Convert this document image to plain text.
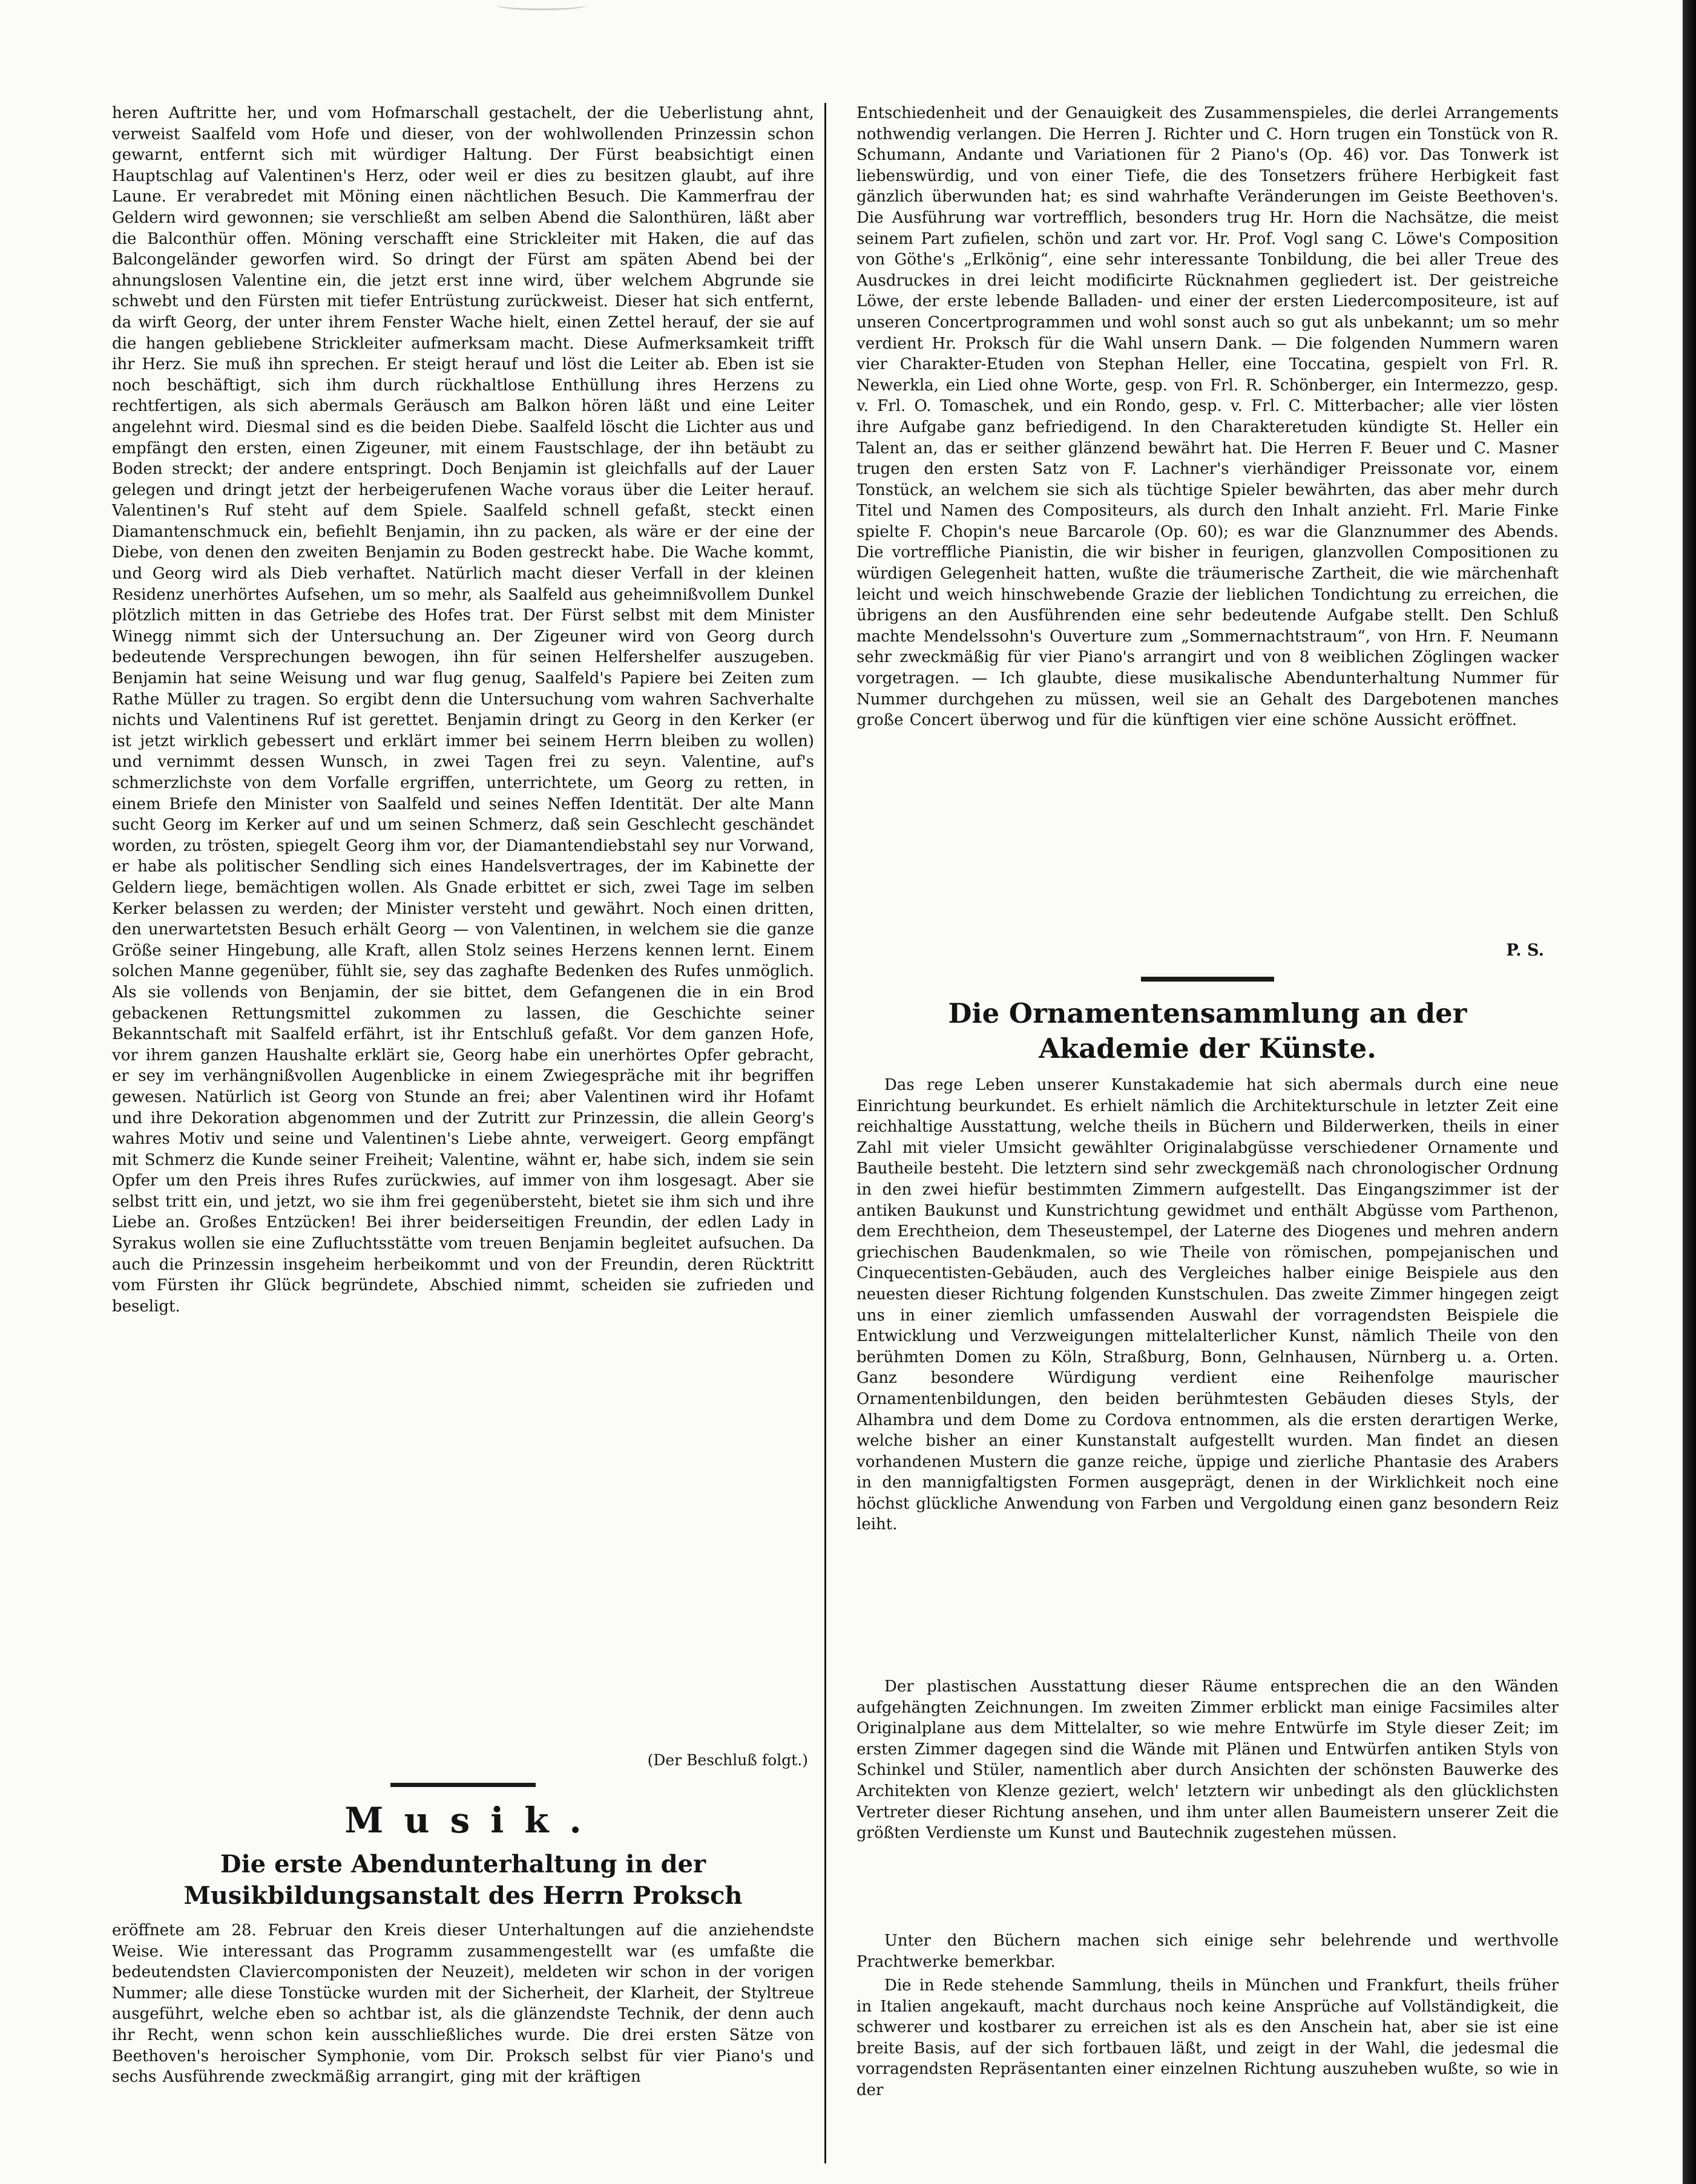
heren Auftritte her, und vom Hofmarschall gestachelt, der die Ueberlistung ahnt, verweist Saalfeld vom Hofe und dieser, von der wohlwollenden Prinzessin schon gewarnt, entfernt sich mit würdiger Haltung. Der Fürst beabsichtigt einen Hauptschlag auf Valentinen's Herz, oder weil er dies zu besitzen glaubt, auf ihre Laune. Er verabredet mit Möning einen nächtlichen Besuch. Die Kammerfrau der Geldern wird gewonnen; sie verschließt am selben Abend die Salonthüren, läßt aber die Balconthür offen. Möning verschafft eine Strickleiter mit Haken, die auf das Balcongeländer geworfen wird. So dringt der Fürst am späten Abend bei der ahnungslosen Valentine ein, die jetzt erst inne wird, über welchem Abgrunde sie schwebt und den Fürsten mit tiefer Entrüstung zurückweist. Dieser hat sich entfernt, da wirft Georg, der unter ihrem Fenster Wache hielt, einen Zettel herauf, der sie auf die hangen gebliebene Strickleiter aufmerksam macht. Diese Aufmerksamkeit trifft ihr Herz. Sie muß ihn sprechen. Er steigt herauf und löst die Leiter ab. Eben ist sie noch beschäftigt, sich ihm durch rückhaltlose Enthüllung ihres Herzens zu rechtfertigen, als sich abermals Geräusch am Balkon hören läßt und eine Leiter angelehnt wird. Diesmal sind es die beiden Diebe. Saalfeld löscht die Lichter aus und empfängt den ersten, einen Zigeuner, mit einem Faustschlage, der ihn betäubt zu Boden streckt; der andere entspringt. Doch Benjamin ist gleichfalls auf der Lauer gelegen und dringt jetzt der herbeigerufenen Wache voraus über die Leiter herauf. Valentinen's Ruf steht auf dem Spiele. Saalfeld schnell gefaßt, steckt einen Diamantenschmuck ein, befiehlt Benjamin, ihn zu packen, als wäre er der eine der Diebe, von denen den zweiten Benjamin zu Boden gestreckt habe. Die Wache kommt, und Georg wird als Dieb verhaftet. Natürlich macht dieser Verfall in der kleinen Residenz unerhörtes Aufsehen, um so mehr, als Saalfeld aus geheimnißvollem Dunkel plötzlich mitten in das Getriebe des Hofes trat. Der Fürst selbst mit dem Minister Winegg nimmt sich der Untersuchung an. Der Zigeuner wird von Georg durch bedeutende Versprechungen bewogen, ihn für seinen Helfershelfer auszugeben. Benjamin hat seine Weisung und war flug genug, Saalfeld's Papiere bei Zeiten zum Rathe Müller zu tragen. So ergibt denn die Untersuchung vom wahren Sachverhalte nichts und Valentinens Ruf ist gerettet. Benjamin dringt zu Georg in den Kerker (er ist jetzt wirklich gebessert und erklärt immer bei seinem Herrn bleiben zu wollen) und vernimmt dessen Wunsch, in zwei Tagen frei zu seyn. Valentine, auf's schmerzlichste von dem Vorfalle ergriffen, unterrichtete, um Georg zu retten, in einem Briefe den Minister von Saalfeld und seines Neffen Identität. Der alte Mann sucht Georg im Kerker auf und um seinen Schmerz, daß sein Geschlecht geschändet worden, zu trösten, spiegelt Georg ihm vor, der Diamantendiebstahl sey nur Vorwand, er habe als politischer Sendling sich eines Handelsvertrages, der im Kabinette der Geldern liege, bemächtigen wollen. Als Gnade erbittet er sich, zwei Tage im selben Kerker belassen zu werden; der Minister versteht und gewährt. Noch einen dritten, den unerwartetsten Besuch erhält Georg — von Valentinen, in welchem sie die ganze Größe seiner Hingebung, alle Kraft, allen Stolz seines Herzens kennen lernt. Einem solchen Manne gegenüber, fühlt sie, sey das zaghafte Bedenken des Rufes unmöglich. Als sie vollends von Benjamin, der sie bittet, dem Gefangenen die in ein Brod gebackenen Rettungsmittel zukommen zu lassen, die Geschichte seiner Bekanntschaft mit Saalfeld erfährt, ist ihr Entschluß gefaßt. Vor dem ganzen Hofe, vor ihrem ganzen Haushalte erklärt sie, Georg habe ein unerhörtes Opfer gebracht, er sey im verhängnißvollen Augenblicke in einem Zwiegespräche mit ihr begriffen gewesen. Natürlich ist Georg von Stunde an frei; aber Valentinen wird ihr Hofamt und ihre Dekoration abgenommen und der Zutritt zur Prinzessin, die allein Georg's wahres Motiv und seine und Valentinen's Liebe ahnte, verweigert. Georg empfängt mit Schmerz die Kunde seiner Freiheit; Valentine, wähnt er, habe sich, indem sie sein Opfer um den Preis ihres Rufes zurückwies, auf immer von ihm losgesagt. Aber sie selbst tritt ein, und jetzt, wo sie ihm frei gegenübersteht, bietet sie ihm sich und ihre Liebe an. Großes Entzücken! Bei ihrer beiderseitigen Freundin, der edlen Lady in Syrakus wollen sie eine Zufluchtsstätte vom treuen Benjamin begleitet aufsuchen. Da auch die Prinzessin insgeheim herbeikommt und von der Freundin, deren Rücktritt vom Fürsten ihr Glück begründete, Abschied nimmt, scheiden sie zufrieden und beseligt.

(Der Beschluß folgt.)

Musik.
Die erste Abendunterhaltung in der Musikbildungsanstalt des Herrn Proksch

eröffnete am 28. Februar den Kreis dieser Unterhaltungen auf die anziehendste Weise. Wie interessant das Programm zusammengestellt war (es umfaßte die bedeutendsten Claviercomponisten der Neuzeit), meldeten wir schon in der vorigen Nummer; alle diese Tonstücke wurden mit der Sicherheit, der Klarheit, der Styltreue ausgeführt, welche eben so achtbar ist, als die glänzendste Technik, der denn auch ihr Recht, wenn schon kein ausschließliches wurde. Die drei ersten Sätze von Beethoven's heroischer Symphonie, vom Dir. Proksch selbst für vier Piano's und sechs Ausführende zweckmäßig arrangirt, ging mit der kräftigen

Entschiedenheit und der Genauigkeit des Zusammenspieles, die derlei Arrangements nothwendig verlangen. Die Herren J. Richter und C. Horn trugen ein Tonstück von R. Schumann, Andante und Variationen für 2 Piano's (Op. 46) vor. Das Tonwerk ist liebenswürdig, und von einer Tiefe, die des Tonsetzers frühere Herbigkeit fast gänzlich überwunden hat; es sind wahrhafte Veränderungen im Geiste Beethoven's. Die Ausführung war vortrefflich, besonders trug Hr. Horn die Nachsätze, die meist seinem Part zufielen, schön und zart vor. Hr. Prof. Vogl sang C. Löwe's Composition von Göthe's „Erlkönig“, eine sehr interessante Tonbildung, die bei aller Treue des Ausdruckes in drei leicht modificirte Rücknahmen gegliedert ist. Der geistreiche Löwe, der erste lebende Balladen- und einer der ersten Liedercompositeure, ist auf unseren Concertprogrammen und wohl sonst auch so gut als unbekannt; um so mehr verdient Hr. Proksch für die Wahl unsern Dank. — Die folgenden Nummern waren vier Charakter-Etuden von Stephan Heller, eine Toccatina, gespielt von Frl. R. Newerkla, ein Lied ohne Worte, gesp. von Frl. R. Schönberger, ein Intermezzo, gesp. v. Frl. O. Tomaschek, und ein Rondo, gesp. v. Frl. C. Mitterbacher; alle vier lösten ihre Aufgabe ganz befriedigend. In den Charakteretuden kündigte St. Heller ein Talent an, das er seither glänzend bewährt hat. Die Herren F. Beuer und C. Masner trugen den ersten Satz von F. Lachner's vierhändiger Preissonate vor, einem Tonstück, an welchem sie sich als tüchtige Spieler bewährten, das aber mehr durch Titel und Namen des Compositeurs, als durch den Inhalt anzieht. Frl. Marie Finke spielte F. Chopin's neue Barcarole (Op. 60); es war die Glanznummer des Abends. Die vortreffliche Pianistin, die wir bisher in feurigen, glanzvollen Compositionen zu würdigen Gelegenheit hatten, wußte die träumerische Zartheit, die wie märchenhaft leicht und weich hinschwebende Grazie der lieblichen Tondichtung zu erreichen, die übrigens an den Ausführenden eine sehr bedeutende Aufgabe stellt. Den Schluß machte Mendelssohn's Ouverture zum „Sommernachtstraum“, von Hrn. F. Neumann sehr zweckmäßig für vier Piano's arrangirt und von 8 weiblichen Zöglingen wacker vorgetragen. — Ich glaubte, diese musikalische Abendunterhaltung Nummer für Nummer durchgehen zu müssen, weil sie an Gehalt des Dargebotenen manches große Concert überwog und für die künftigen vier eine schöne Aussicht eröffnet.

P. S.

Die Ornamentensammlung an der Akademie der Künste.

Das rege Leben unserer Kunstakademie hat sich abermals durch eine neue Einrichtung beurkundet. Es erhielt nämlich die Architekturschule in letzter Zeit eine reichhaltige Ausstattung, welche theils in Büchern und Bilderwerken, theils in einer Zahl mit vieler Umsicht gewählter Originalabgüsse verschiedener Ornamente und Bautheile besteht. Die letztern sind sehr zweckgemäß nach chronologischer Ordnung in den zwei hiefür bestimmten Zimmern aufgestellt. Das Eingangszimmer ist der antiken Baukunst und Kunstrichtung gewidmet und enthält Abgüsse vom Parthenon, dem Erechtheion, dem Theseustempel, der Laterne des Diogenes und mehren andern griechischen Baudenkmalen, so wie Theile von römischen, pompejanischen und Cinquecentisten-Gebäuden, auch des Vergleiches halber einige Beispiele aus den neuesten dieser Richtung folgenden Kunstschulen. Das zweite Zimmer hingegen zeigt uns in einer ziemlich umfassenden Auswahl der vorragendsten Beispiele die Entwicklung und Verzweigungen mittelalterlicher Kunst, nämlich Theile von den berühmten Domen zu Köln, Straßburg, Bonn, Gelnhausen, Nürnberg u. a. Orten. Ganz besondere Würdigung verdient eine Reihenfolge maurischer Ornamentenbildungen, den beiden berühmtesten Gebäuden dieses Styls, der Alhambra und dem Dome zu Cordova entnommen, als die ersten derartigen Werke, welche bisher an einer Kunstanstalt aufgestellt wurden. Man findet an diesen vorhandenen Mustern die ganze reiche, üppige und zierliche Phantasie des Arabers in den mannigfaltigsten Formen ausgeprägt, denen in der Wirklichkeit noch eine höchst glückliche Anwendung von Farben und Vergoldung einen ganz besondern Reiz leiht.

Der plastischen Ausstattung dieser Räume entsprechen die an den Wänden aufgehängten Zeichnungen. Im zweiten Zimmer erblickt man einige Facsimiles alter Originalplane aus dem Mittelalter, so wie mehre Entwürfe im Style dieser Zeit; im ersten Zimmer dagegen sind die Wände mit Plänen und Entwürfen antiken Styls von Schinkel und Stüler, namentlich aber durch Ansichten der schönsten Bauwerke des Architekten von Klenze geziert, welch' letztern wir unbedingt als den glücklichsten Vertreter dieser Richtung ansehen, und ihm unter allen Baumeistern unserer Zeit die größten Verdienste um Kunst und Bautechnik zugestehen müssen.

Unter den Büchern machen sich einige sehr belehrende und werthvolle Prachtwerke bemerkbar.

Die in Rede stehende Sammlung, theils in München und Frankfurt, theils früher in Italien angekauft, macht durchaus noch keine Ansprüche auf Vollständigkeit, die schwerer und kostbarer zu erreichen ist als es den Anschein hat, aber sie ist eine breite Basis, auf der sich fortbauen läßt, und zeigt in der Wahl, die jedesmal die vorragendsten Repräsentanten einer einzelnen Richtung auszuheben wußte, so wie in der
